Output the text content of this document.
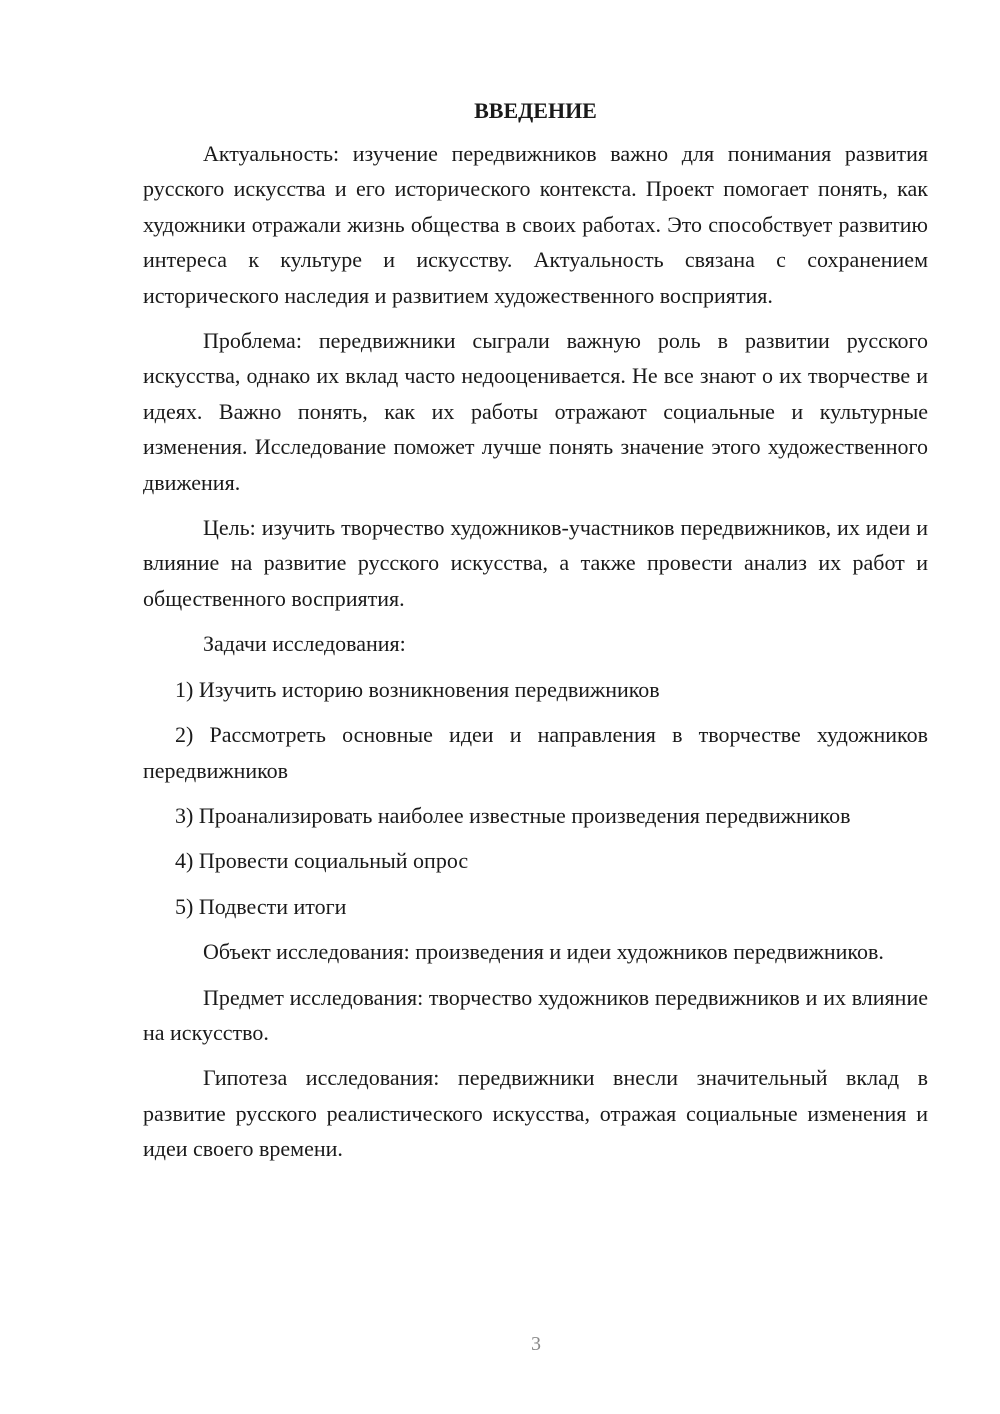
ВВЕДЕНИЕ

Актуальность: изучение передвижников важно для понимания развития русского искусства и его исторического контекста. Проект помогает понять, как художники отражали жизнь общества в своих работах. Это способствует развитию интереса к культуре и искусству. Актуальность связана с сохранением исторического наследия и развитием художественного восприятия.

Проблема: передвижники сыграли важную роль в развитии русского искусства, однако их вклад часто недооценивается. Не все знают о их творчестве и идеях. Важно понять, как их работы отражают социальные и культурные изменения. Исследование поможет лучше понять значение этого художественного движения.

Цель: изучить творчество художников-участников передвижников, их идеи и влияние на развитие русского искусства, а также провести анализ их работ и общественного восприятия.

Задачи исследования:

1) Изучить историю возникновения передвижников

2) Рассмотреть основные идеи и направления в творчестве художников передвижников

3) Проанализировать наиболее известные произведения передвижников

4) Провести социальный опрос

5) Подвести итоги

Объект исследования: произведения и идеи художников передвижников.

Предмет исследования: творчество художников передвижников и их влияние на искусство.

Гипотеза исследования: передвижники внесли значительный вклад в развитие русского реалистического искусства, отражая социальные изменения и идеи своего времени.

3
